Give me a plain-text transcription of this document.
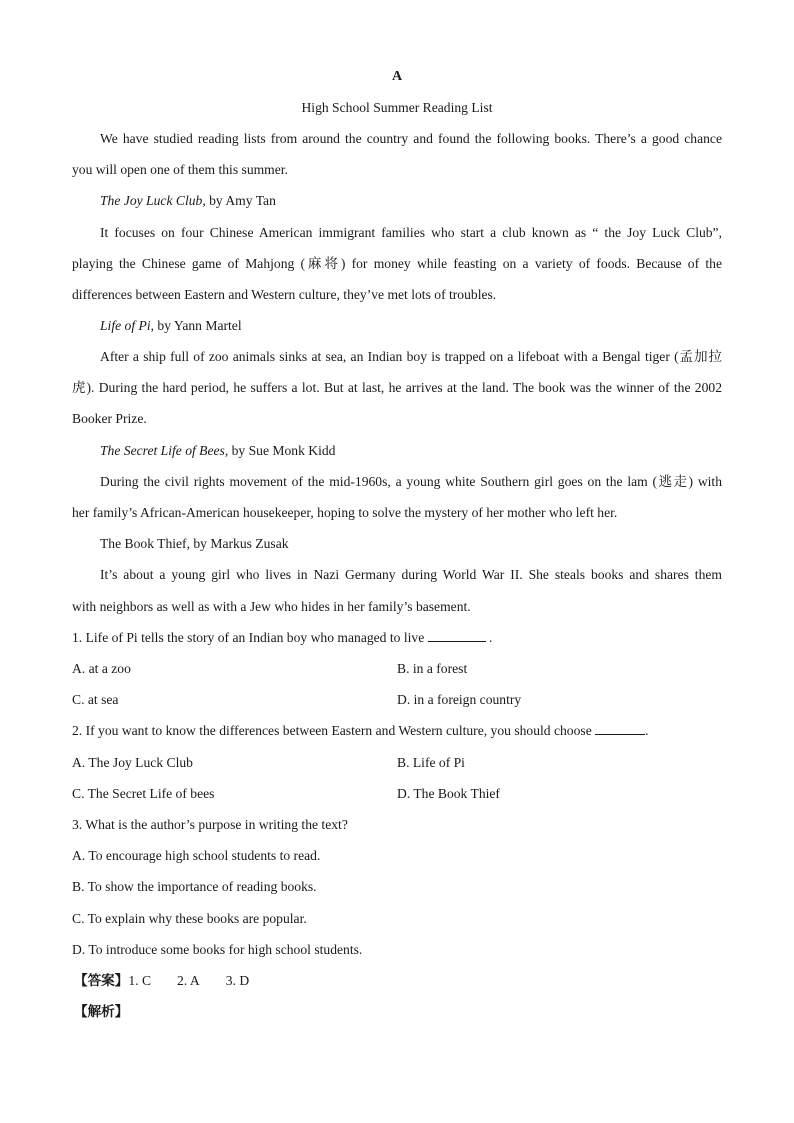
A
High School Summer Reading List
We have studied reading lists from around the country and found the following books. There’s a good chance
you will open one of them this summer.
The Joy Luck Club, by Amy Tan
It focuses on four Chinese American immigrant families who start a club known as “ the Joy Luck Club”,
playing the Chinese game of Mahjong (麻将) for money while feasting on a variety of foods. Because of the
differences between Eastern and Western culture, they’ve met lots of troubles.
Life of Pi, by Yann Martel
After a ship full of zoo animals sinks at sea, an Indian boy is trapped on a lifeboat with a Bengal tiger (孟加拉
虎). During the hard period, he suffers a lot. But at last, he arrives at the land. The book was the winner of the 2002
Booker Prize.
The Secret Life of Bees, by Sue Monk Kidd
During the civil rights movement of the mid-1960s, a young white Southern girl goes on the lam (逃走) with
her family’s African-American housekeeper, hoping to solve the mystery of her mother who left her.
The Book Thief, by Markus Zusak
It’s about a young girl who lives in Nazi Germany during World War II. She steals books and shares them
with neighbors as well as with a Jew who hides in her family’s basement.
1. Life of Pi tells the story of an Indian boy who managed to live	.
A. at a zoo	B. in a forest
C. at sea	D. in a foreign country
2. If you want to know the differences between Eastern and Western culture, you should choose	.
A. The Joy Luck Club	B. Life of Pi
C. The Secret Life of bees	D. The Book Thief
3. What is the author’s purpose in writing the text?
A. To encourage high school students to read.
B. To show the importance of reading books.
C. To explain why these books are popular.
D. To introduce some books for high school students.
【答案】1. C 2. A 3. D
【解析】
